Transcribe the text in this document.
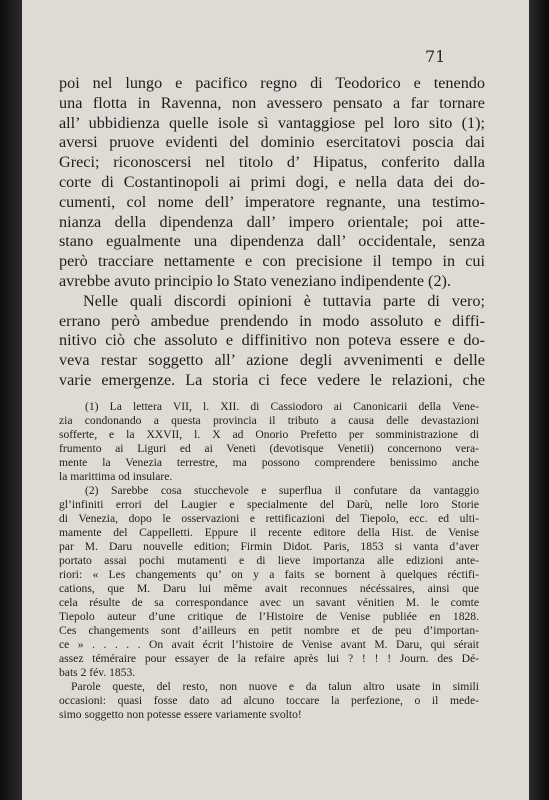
71
poi nel lungo e pacifico regno di Teodorico e tenendo
una flotta in Ravenna, non avessero pensato a far tornare
all’ ubbidienza quelle isole sì vantaggiose pel loro sito (1);
aversi pruove evidenti del dominio esercitatovi poscia dai
Greci; riconoscersi nel titolo d’ Hipatus, conferito dalla
corte di Costantinopoli ai primi dogi, e nella data dei do-
cumenti, col nome dell’ imperatore regnante, una testimo-
nianza della dipendenza dall’ impero orientale; poi atte-
stano egualmente una dipendenza dall’ occidentale, senza
però tracciare nettamente e con precisione il tempo in cui
avrebbe avuto principio lo Stato veneziano indipendente (2).
Nelle quali discordi opinioni è tuttavia parte di vero;
errano però ambedue prendendo in modo assoluto e diffi-
nitivo ciò che assoluto e diffinitivo non poteva essere e do-
veva restar soggetto all’ azione degli avvenimenti e delle
varie emergenze. La storia ci fece vedere le relazioni, che
(1) La lettera VII, l. XII. di Cassiodoro ai Canonicarii della Vene-
zia condonando a questa provincia il tributo a causa delle devastazioni
sofferte, e la XXVII, l. X ad Onorio Prefetto per somministrazione di
frumento ai Liguri ed ai Veneti (devotisque Venetii) concernono vera-
mente la Venezia terrestre, ma possono comprendere benissimo anche
la marittima od insulare.
(2) Sarebbe cosa stucchevole e superflua il confutare da vantaggio
gl’infiniti errori del Laugier e specialmente del Darù, nelle loro Storie
di Venezia, dopo le osservazioni e rettificazioni del Tiepolo, ecc. ed ulti-
mamente del Cappelletti. Eppure il recente editore della Hist. de Venise
par M. Daru nouvelle edition; Firmin Didot. Paris, 1853 si vanta d’aver
portato assai pochi mutamenti e di lieve importanza alle edizioni ante-
riori: « Les changements qu’ on y a faits se bornent à quelques réctifi-
cations, que M. Daru lui même avait reconnues nécéssaires, ainsi que
cela résulte de sa correspondance avec un savant vénitien M. le comte
Tiepolo auteur d’une critique de l’Histoire de Venise publiée en 1828.
Ces changements sont d’ailleurs en petit nombre et de peu d’importan-
ce » . . . . . On avait écrit l’histoire de Venise avant M. Daru, qui sérait
assez téméraire pour essayer de la refaire après lui ? ! ! ! Journ. des Dé-
bats 2 fév. 1853.
Parole queste, del resto, non nuove e da talun altro usate in simili
occasioni: quasi fosse dato ad alcuno toccare la perfezione, o il mede-
simo soggetto non potesse essere variamente svolto!
